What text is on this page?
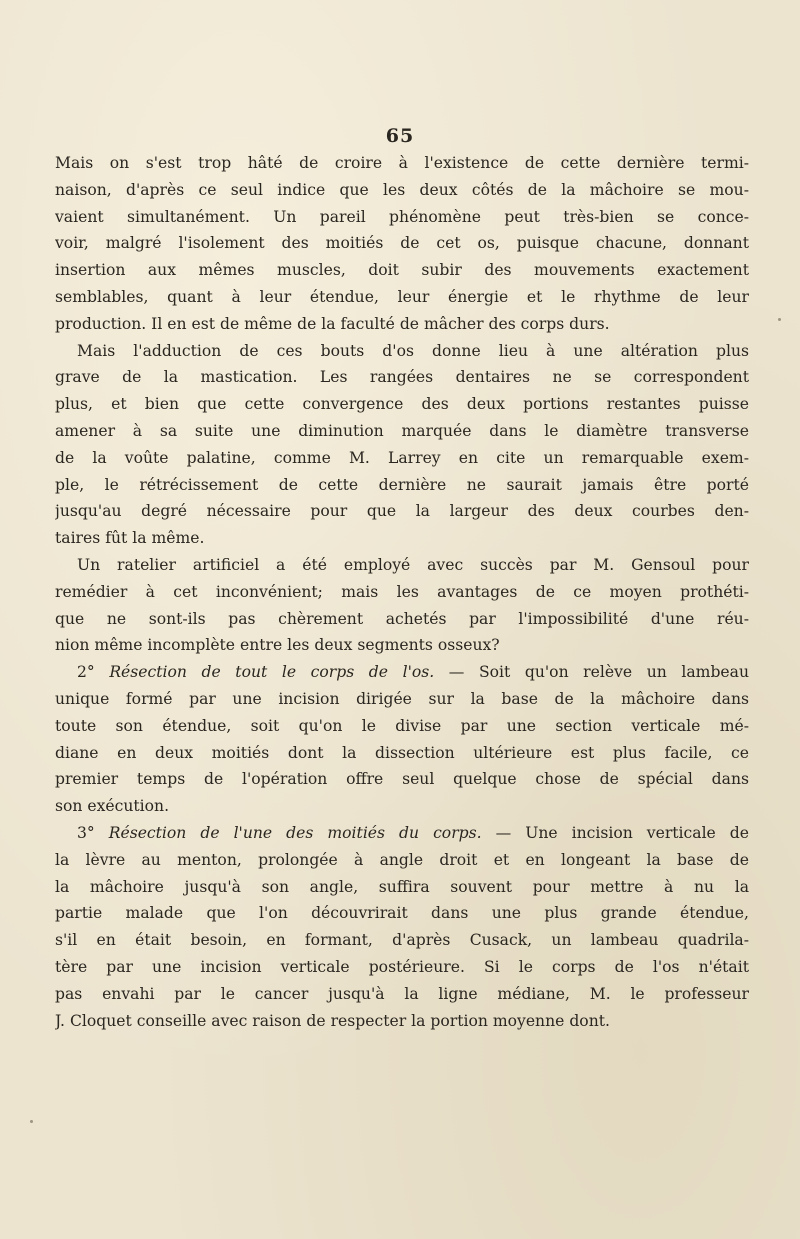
65
Mais on s'est trop hâté de croire à l'existence de cette dernière termi-
naison, d'après ce seul indice que les deux côtés de la mâchoire se mou-
vaient simultanément. Un pareil phénomène peut très-bien se conce-
voir, malgré l'isolement des moitiés de cet os, puisque chacune, donnant
insertion aux mêmes muscles, doit subir des mouvements exactement
semblables, quant à leur étendue, leur énergie et le rhythme de leur
production. Il en est de même de la faculté de mâcher des corps durs.
Mais l'adduction de ces bouts d'os donne lieu à une altération plus
grave de la mastication. Les rangées dentaires ne se correspondent
plus, et bien que cette convergence des deux portions restantes puisse
amener à sa suite une diminution marquée dans le diamètre transverse
de la voûte palatine, comme M. Larrey en cite un remarquable exem-
ple, le rétrécissement de cette dernière ne saurait jamais être porté
jusqu'au degré nécessaire pour que la largeur des deux courbes den-
taires fût la même.
Un ratelier artificiel a été employé avec succès par M. Gensoul pour
remédier à cet inconvénient; mais les avantages de ce moyen prothéti-
que ne sont-ils pas chèrement achetés par l'impossibilité d'une réu-
nion même incomplète entre les deux segments osseux?
2° Résection de tout le corps de l'os. — Soit qu'on relève un lambeau
unique formé par une incision dirigée sur la base de la mâchoire dans
toute son étendue, soit qu'on le divise par une section verticale mé-
diane en deux moitiés dont la dissection ultérieure est plus facile, ce
premier temps de l'opération offre seul quelque chose de spécial dans
son exécution.
3° Résection de l'une des moitiés du corps. — Une incision verticale de
la lèvre au menton, prolongée à angle droit et en longeant la base de
la mâchoire jusqu'à son angle, suffira souvent pour mettre à nu la
partie malade que l'on découvrirait dans une plus grande étendue,
s'il en était besoin, en formant, d'après Cusack, un lambeau quadrila-
tère par une incision verticale postérieure. Si le corps de l'os n'était
pas envahi par le cancer jusqu'à la ligne médiane, M. le professeur
J. Cloquet conseille avec raison de respecter la portion moyenne dont.
